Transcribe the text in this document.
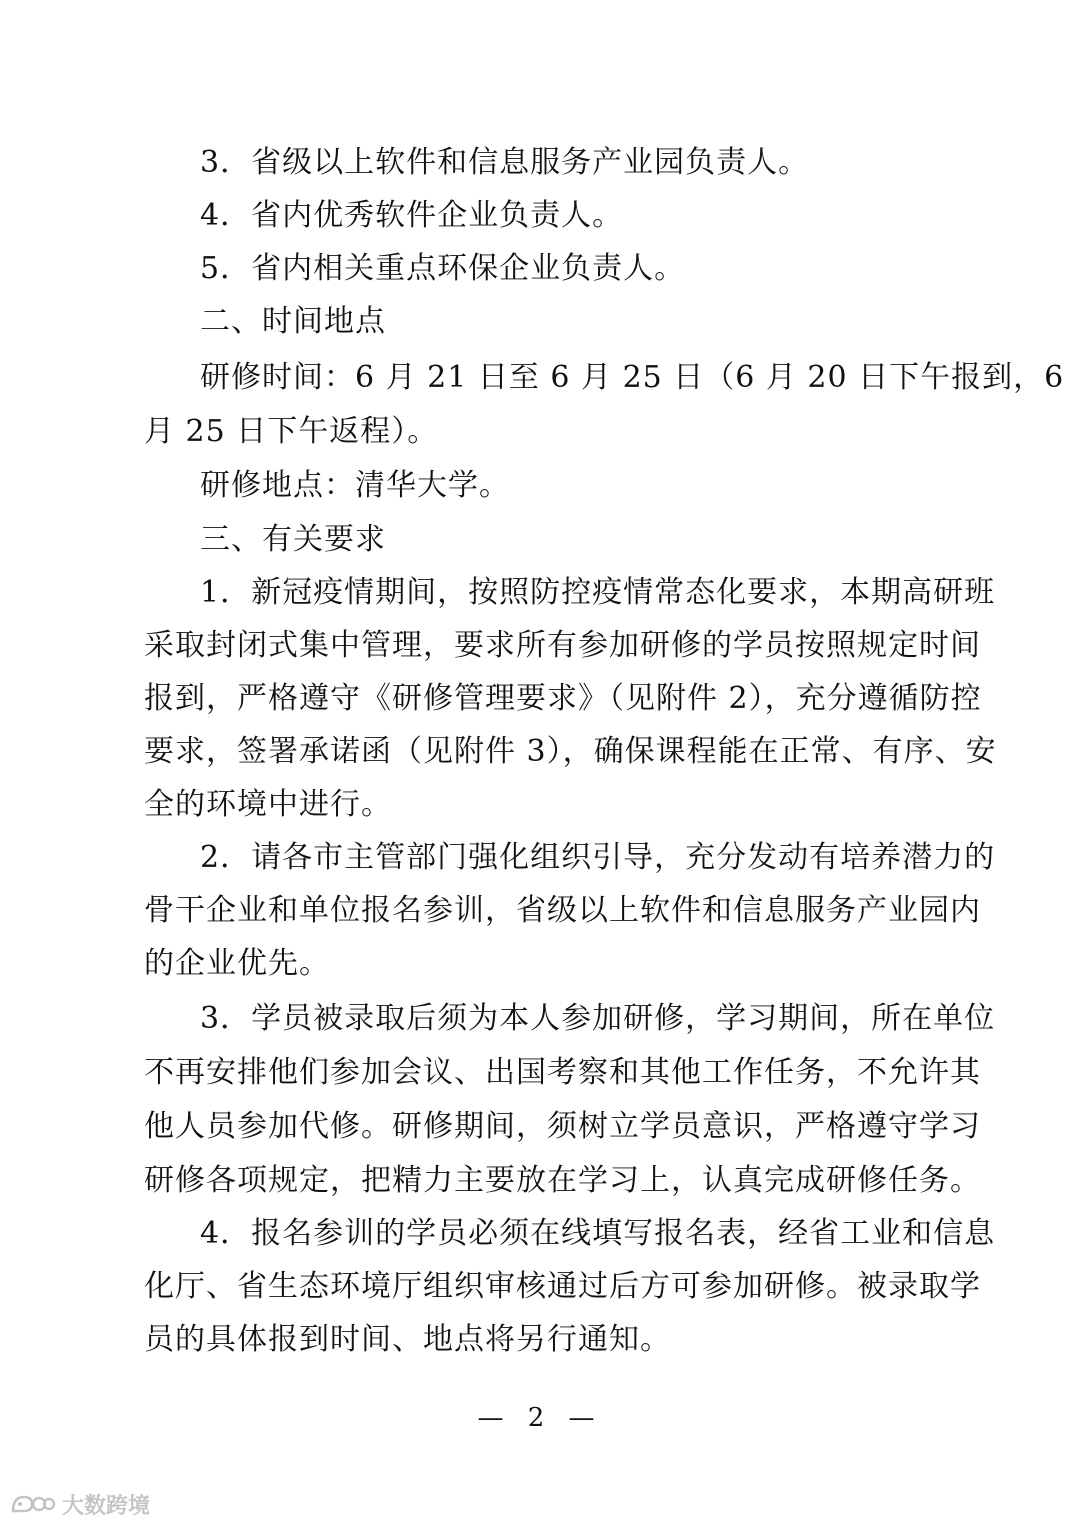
3．省级以上软件和信息服务产业园负责人。
4．省内优秀软件企业负责人。
5．省内相关重点环保企业负责人。
二、时间地点
研修时间：6 月 21 日至 6 月 25 日（6 月 20 日下午报到，6
月 25 日下午返程）。
研修地点：清华大学。
三、有关要求
1．新冠疫情期间，按照防控疫情常态化要求，本期高研班
采取封闭式集中管理，要求所有参加研修的学员按照规定时间
报到，严格遵守《研修管理要求》（见附件 2），充分遵循防控
要求，签署承诺函（见附件 3），确保课程能在正常、有序、安
全的环境中进行。
2．请各市主管部门强化组织引导，充分发动有培养潜力的
骨干企业和单位报名参训，省级以上软件和信息服务产业园内
的企业优先。
3．学员被录取后须为本人参加研修，学习期间，所在单位
不再安排他们参加会议、出国考察和其他工作任务，不允许其
他人员参加代修。研修期间，须树立学员意识，严格遵守学习
研修各项规定，把精力主要放在学习上，认真完成研修任务。
4．报名参训的学员必须在线填写报名表，经省工业和信息
化厅、省生态环境厅组织审核通过后方可参加研修。被录取学
员的具体报到时间、地点将另行通知。
— 2 —
大数跨境
